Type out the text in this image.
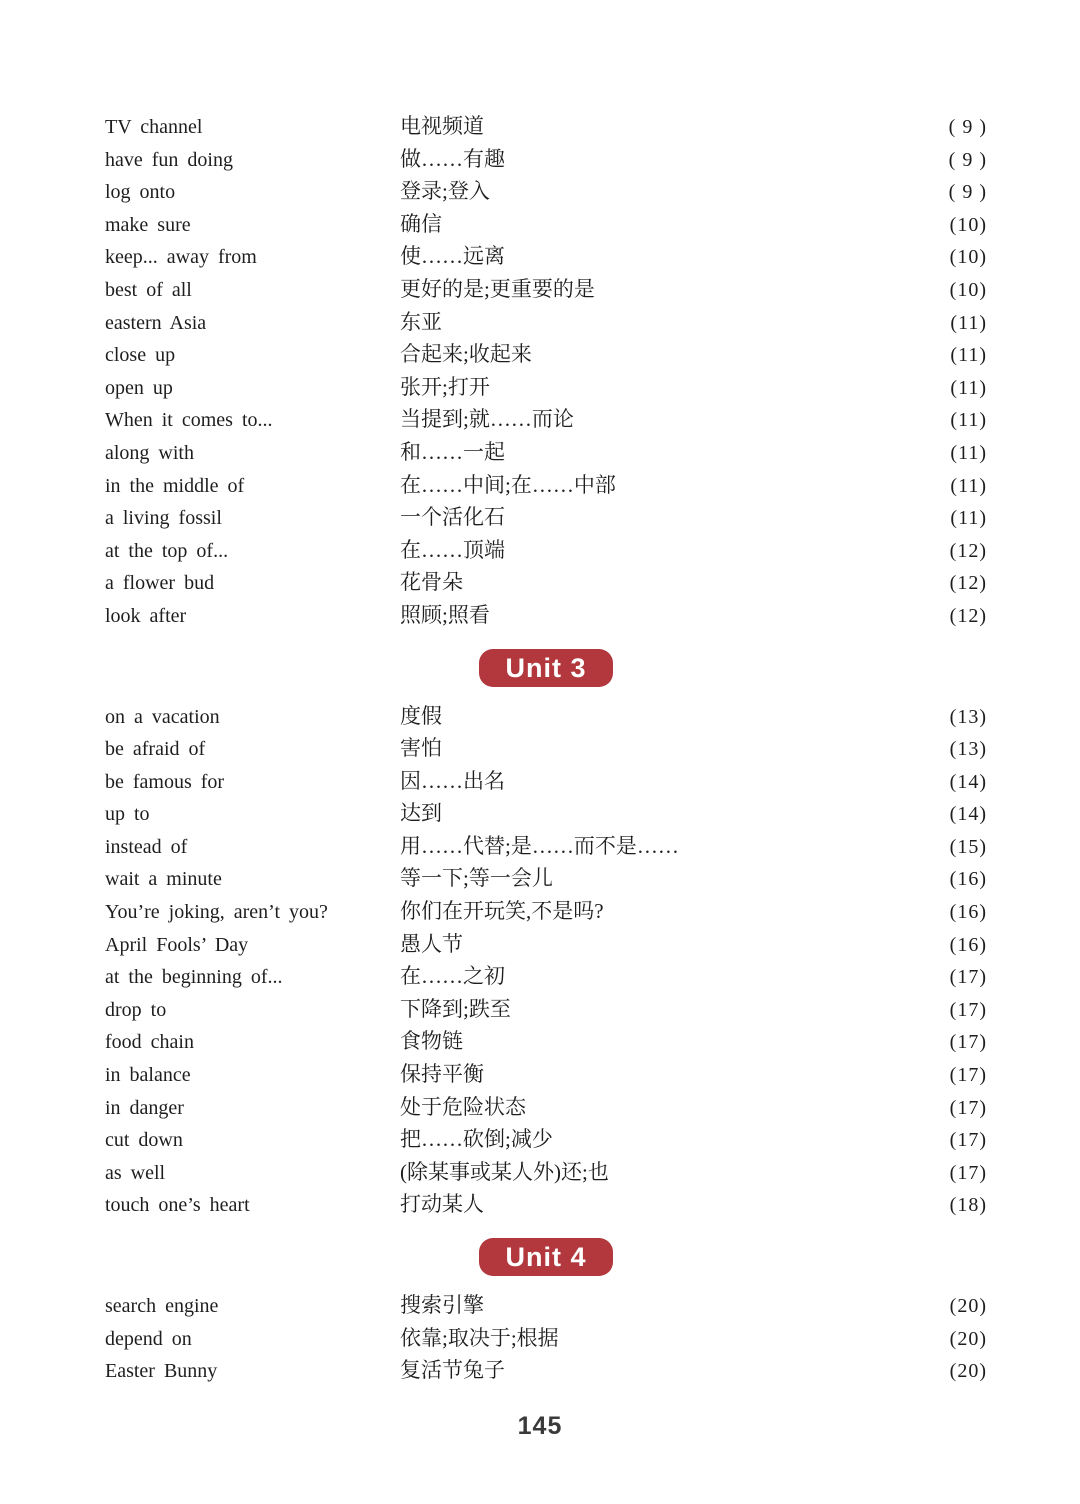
TV channel	电视频道	( 9 )
have fun doing	做……有趣	( 9 )
log onto	登录;登入	( 9 )
make sure	确信	(10)
keep... away from	使……远离	(10)
best of all	更好的是;更重要的是	(10)
eastern Asia	东亚	(11)
close up	合起来;收起来	(11)
open up	张开;打开	(11)
When it comes to...	当提到;就……而论	(11)
along with	和……一起	(11)
in the middle of	在……中间;在……中部	(11)
a living fossil	一个活化石	(11)
at the top of...	在……顶端	(12)
a flower bud	花骨朵	(12)
look after	照顾;照看	(12)
Unit 3
on a vacation	度假	(13)
be afraid of	害怕	(13)
be famous for	因……出名	(14)
up to	达到	(14)
instead of	用……代替;是……而不是……	(15)
wait a minute	等一下;等一会儿	(16)
You’re joking, aren’t you?	你们在开玩笑,不是吗?	(16)
April Fools’ Day	愚人节	(16)
at the beginning of...	在……之初	(17)
drop to	下降到;跌至	(17)
food chain	食物链	(17)
in balance	保持平衡	(17)
in danger	处于危险状态	(17)
cut down	把……砍倒;减少	(17)
as well	(除某事或某人外)还;也	(17)
touch one’s heart	打动某人	(18)
Unit 4
search engine	搜索引擎	(20)
depend on	依靠;取决于;根据	(20)
Easter Bunny	复活节兔子	(20)
145
